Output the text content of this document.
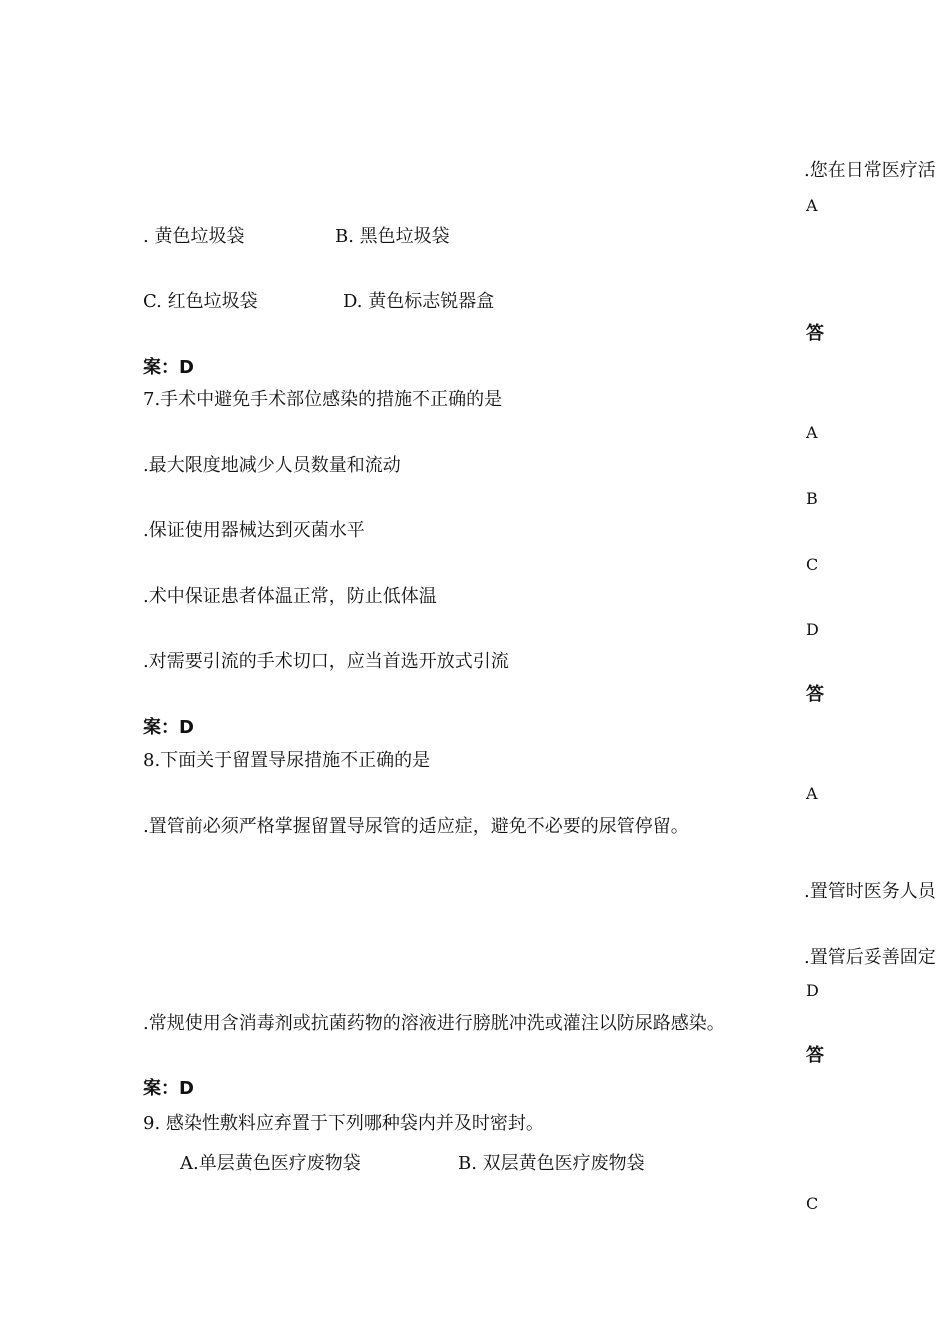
. 黄色垃圾袋	B. 黑色垃圾袋
C. 红色垃圾袋	D. 黄色标志锐器盒
案：D
7.手术中避免手术部位感染的措施不正确的是
.最大限度地减少人员数量和流动
.保证使用器械达到灭菌水平
.术中保证患者体温正常，防止低体温
.对需要引流的手术切口，应当首选开放式引流
案：D
8.下面关于留置导尿措施不正确的是
.置管前必须严格掌握留置导尿管的适应症，避免不必要的尿管停留。
.常规使用含消毒剂或抗菌药物的溶液进行膀胱冲洗或灌注以防尿路感染。
案：D
9. 感染性敷料应弃置于下列哪种袋内并及时密封。
A.单层黄色医疗废物袋	B. 双层黄色医疗废物袋
.您在日常医疗活
A
答
A
B
C
D
答
A
.置管时医务人员
.置管后妥善固定
D
答
C
